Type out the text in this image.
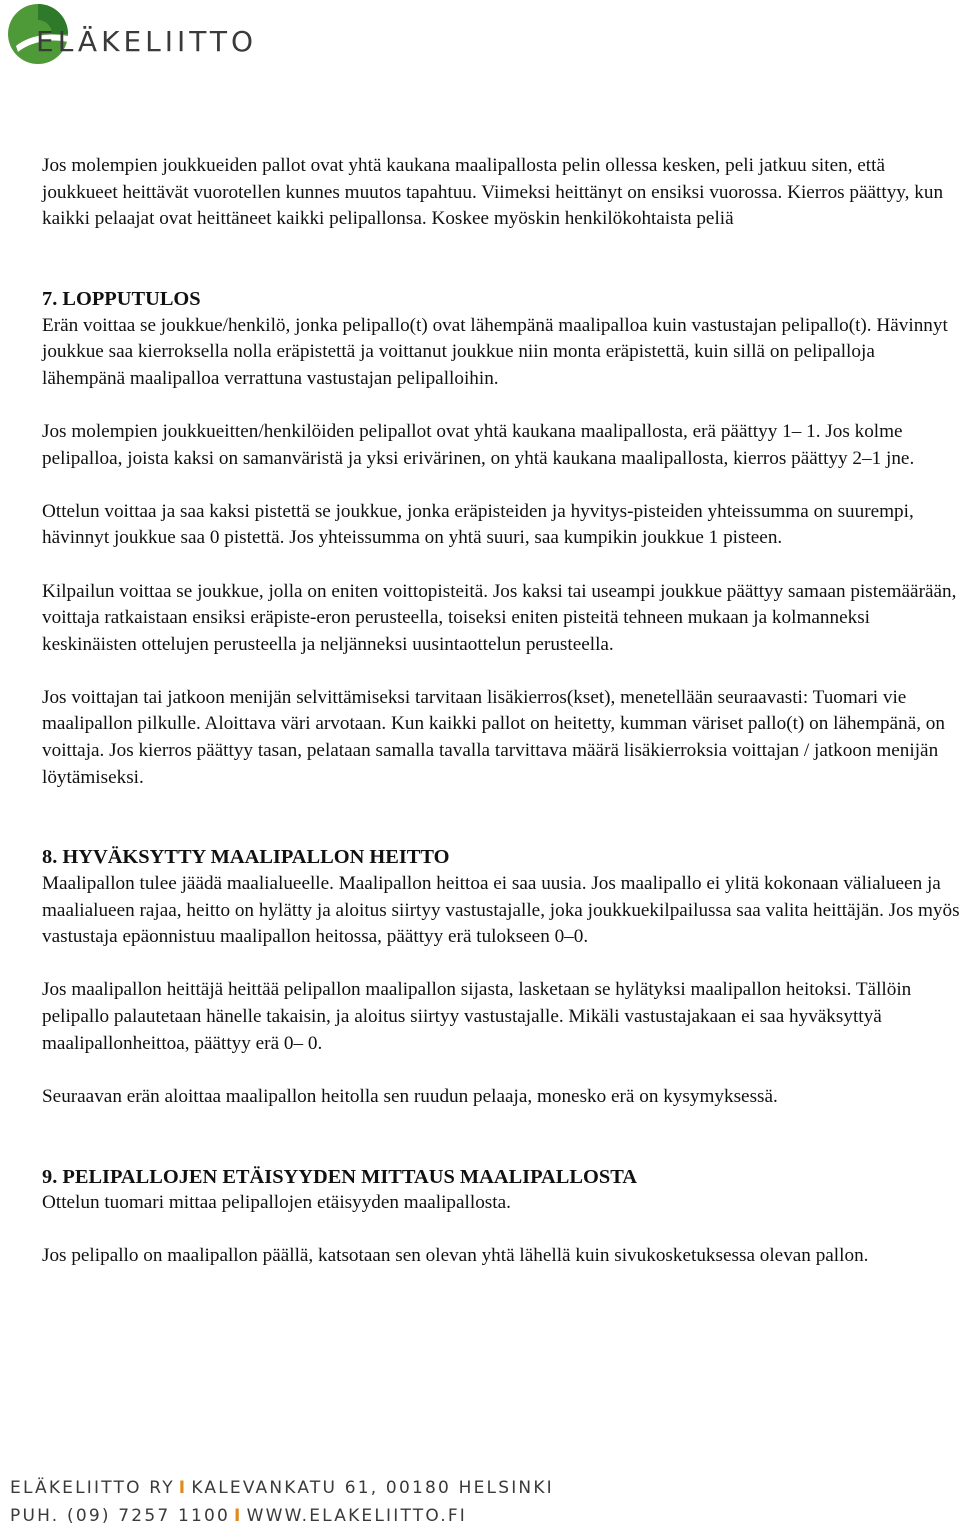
ELÄKELIITTO

Jos molempien joukkueiden pallot ovat yhtä kaukana maalipallosta pelin ollessa kesken, peli jatkuu siten, että joukkueet heittävät vuorotellen kunnes muutos tapahtuu. Viimeksi heittänyt on ensiksi vuorossa. Kierros päättyy, kun kaikki pelaajat ovat heittäneet kaikki pelipallonsa. Koskee myöskin henkilökohtaista peliä

7. LOPPUTULOS

Erän voittaa se joukkue/henkilö, jonka pelipallo(t) ovat lähempänä maalipalloa kuin vastustajan pelipallo(t). Hävinnyt joukkue saa kierroksella nolla eräpistettä ja voittanut joukkue niin monta eräpistettä, kuin sillä on pelipalloja lähempänä maalipalloa verrattuna vastustajan pelipalloihin.

Jos molempien joukkueitten/henkilöiden pelipallot ovat yhtä kaukana maalipallosta, erä päättyy 1– 1. Jos kolme pelipalloa, joista kaksi on samanväristä ja yksi erivärinen, on yhtä kaukana maalipallosta, kierros päättyy 2–1 jne.

Ottelun voittaa ja saa kaksi pistettä se joukkue, jonka eräpisteiden ja hyvitys-pisteiden yhteissumma on suurempi, hävinnyt joukkue saa 0 pistettä. Jos yhteissumma on yhtä suuri, saa kumpikin joukkue 1 pisteen.

Kilpailun voittaa se joukkue, jolla on eniten voittopisteitä. Jos kaksi tai useampi joukkue päättyy samaan pistemäärään, voittaja ratkaistaan ensiksi eräpiste-eron perusteella, toiseksi eniten pisteitä tehneen mukaan ja kolmanneksi keskinäisten ottelujen perusteella ja neljänneksi uusintaottelun perusteella.

Jos voittajan tai jatkoon menijän selvittämiseksi tarvitaan lisäkierros(kset), menetellään seuraavasti: Tuomari vie maalipallon pilkulle. Aloittava väri arvotaan. Kun kaikki pallot on heitetty, kumman väriset pallo(t) on lähempänä, on voittaja. Jos kierros päättyy tasan, pelataan samalla tavalla tarvittava määrä lisäkierroksia voittajan / jatkoon menijän löytämiseksi.

8. HYVÄKSYTTY MAALIPALLON HEITTO

Maalipallon tulee jäädä maalialueelle. Maalipallon heittoa ei saa uusia. Jos maalipallo ei ylitä kokonaan välialueen ja maalialueen rajaa, heitto on hylätty ja aloitus siirtyy vastustajalle, joka joukkuekilpailussa saa valita heittäjän. Jos myös vastustaja epäonnistuu maalipallon heitossa, päättyy erä tulokseen 0–0.

Jos maalipallon heittäjä heittää pelipallon maalipallon sijasta, lasketaan se hylätyksi maalipallon heitoksi. Tällöin pelipallo palautetaan hänelle takaisin, ja aloitus siirtyy vastustajalle. Mikäli vastustajakaan ei saa hyväksyttyä maalipallonheittoa, päättyy erä 0– 0.

Seuraavan erän aloittaa maalipallon heitolla sen ruudun pelaaja, monesko erä on kysymyksessä.

9. PELIPALLOJEN ETÄISYYDEN MITTAUS MAALIPALLOSTA

Ottelun tuomari mittaa pelipallojen etäisyyden maalipallosta.

Jos pelipallo on maalipallon päällä, katsotaan sen olevan yhtä lähellä kuin sivukosketuksessa olevan pallon.

ELÄKELIITTO RY I KALEVANKATU 61, 00180 HELSINKI
PUH. (09) 7257 1100 I WWW.ELAKELIITTO.FI
